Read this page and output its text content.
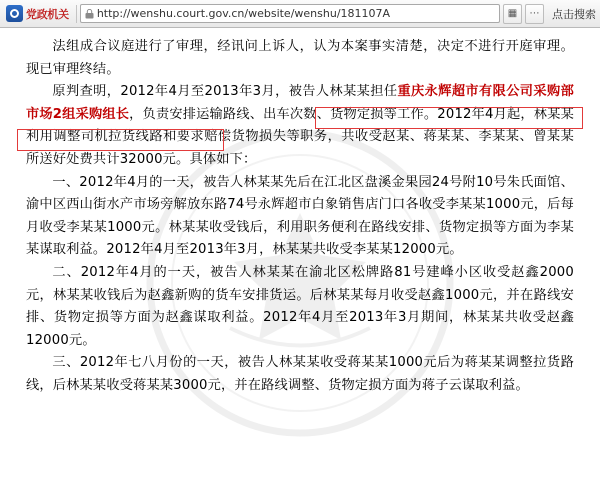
党政机关	http://wenshu.court.gov.cn/website/wenshu/181107A	▦	⋯	点击搜索

法组成合议庭进行了审理，经讯问上诉人，认为本案事实清楚，决定不进行开庭审理。现已审理终结。

原判查明，2012年4月至2013年3月，被告人林某某担任重庆永辉超市有限公司采购部市场2组采购组长，负责安排运输路线、出车次数、货物定损等工作。2012年4月起，林某某利用调整司机拉货线路和要求赔偿货物损失等职务，共收受赵某、蒋某某、李某某、曾某某所送好处费共计32000元。具体如下：

一、2012年4月的一天，被告人林某某先后在江北区盘溪金果园24号附10号朱氏面馆、渝中区西山街水产市场旁解放东路74号永辉超市白象销售店门口各收受李某某1000元，后每月收受李某某1000元。林某某收受钱后，利用职务便利在路线安排、货物定损等方面为李某某谋取利益。2012年4月至2013年3月，林某某共收受李某某12000元。

二、2012年4月的一天，被告人林某某在渝北区松牌路81号建峰小区收受赵鑫2000元，林某某收钱后为赵鑫新购的货车安排货运。后林某某每月收受赵鑫1000元，并在路线安排、货物定损等方面为赵鑫谋取利益。2012年4月至2013年3月期间，林某某共收受赵鑫12000元。

三、2012年七八月份的一天，被告人林某某收受蒋某某1000元后为蒋某某调整拉货路线，后林某某收受蒋某某3000元，并在路线调整、货物定损方面为蒋子云谋取利益。
